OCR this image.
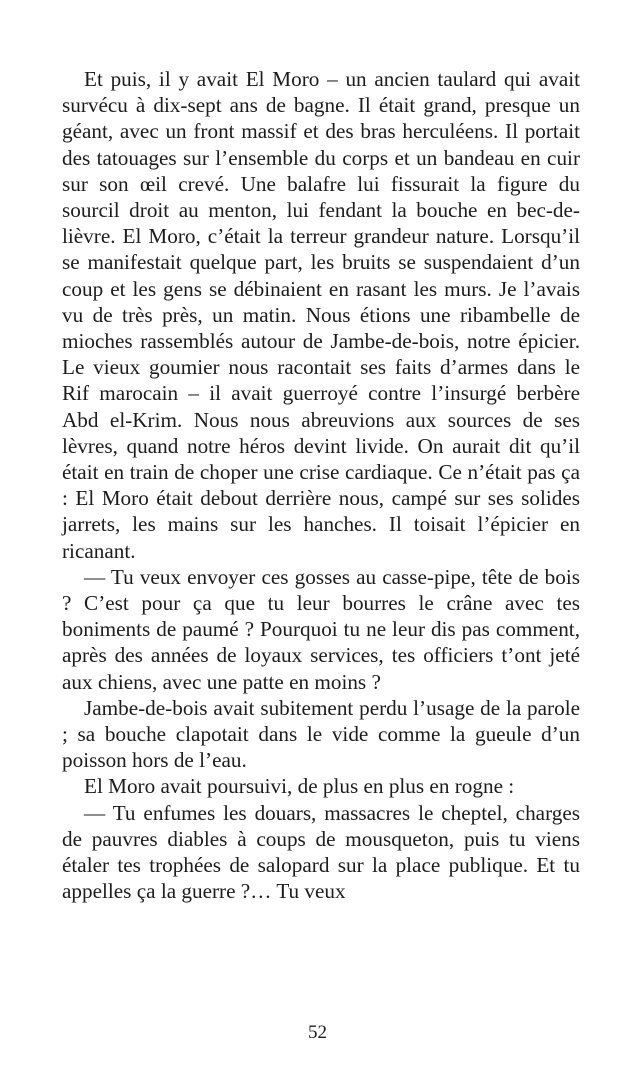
Et puis, il y avait El Moro – un ancien taulard qui avait survécu à dix-sept ans de bagne. Il était grand, presque un géant, avec un front massif et des bras herculéens. Il portait des tatouages sur l’ensemble du corps et un bandeau en cuir sur son œil crevé. Une balafre lui fissurait la figure du sourcil droit au menton, lui fendant la bouche en bec-de-lièvre. El Moro, c’était la terreur grandeur nature. Lorsqu’il se manifestait quelque part, les bruits se suspendaient d’un coup et les gens se débinaient en rasant les murs. Je l’avais vu de très près, un matin. Nous étions une ribambelle de mioches rassemblés autour de Jambe-de-bois, notre épicier. Le vieux goumier nous racontait ses faits d’armes dans le Rif marocain – il avait guerroyé contre l’insurgé berbère Abd el-Krim. Nous nous abreuvions aux sources de ses lèvres, quand notre héros devint livide. On aurait dit qu’il était en train de choper une crise cardiaque. Ce n’était pas ça : El Moro était debout derrière nous, campé sur ses solides jarrets, les mains sur les hanches. Il toisait l’épicier en ricanant.

— Tu veux envoyer ces gosses au casse-pipe, tête de bois ? C’est pour ça que tu leur bourres le crâne avec tes boniments de paumé ? Pourquoi tu ne leur dis pas comment, après des années de loyaux services, tes officiers t’ont jeté aux chiens, avec une patte en moins ?

Jambe-de-bois avait subitement perdu l’usage de la parole ; sa bouche clapotait dans le vide comme la gueule d’un poisson hors de l’eau.

El Moro avait poursuivi, de plus en plus en rogne :

— Tu enfumes les douars, massacres le cheptel, charges de pauvres diables à coups de mousqueton, puis tu viens étaler tes trophées de salopard sur la place publique. Et tu appelles ça la guerre ?… Tu veux

52
